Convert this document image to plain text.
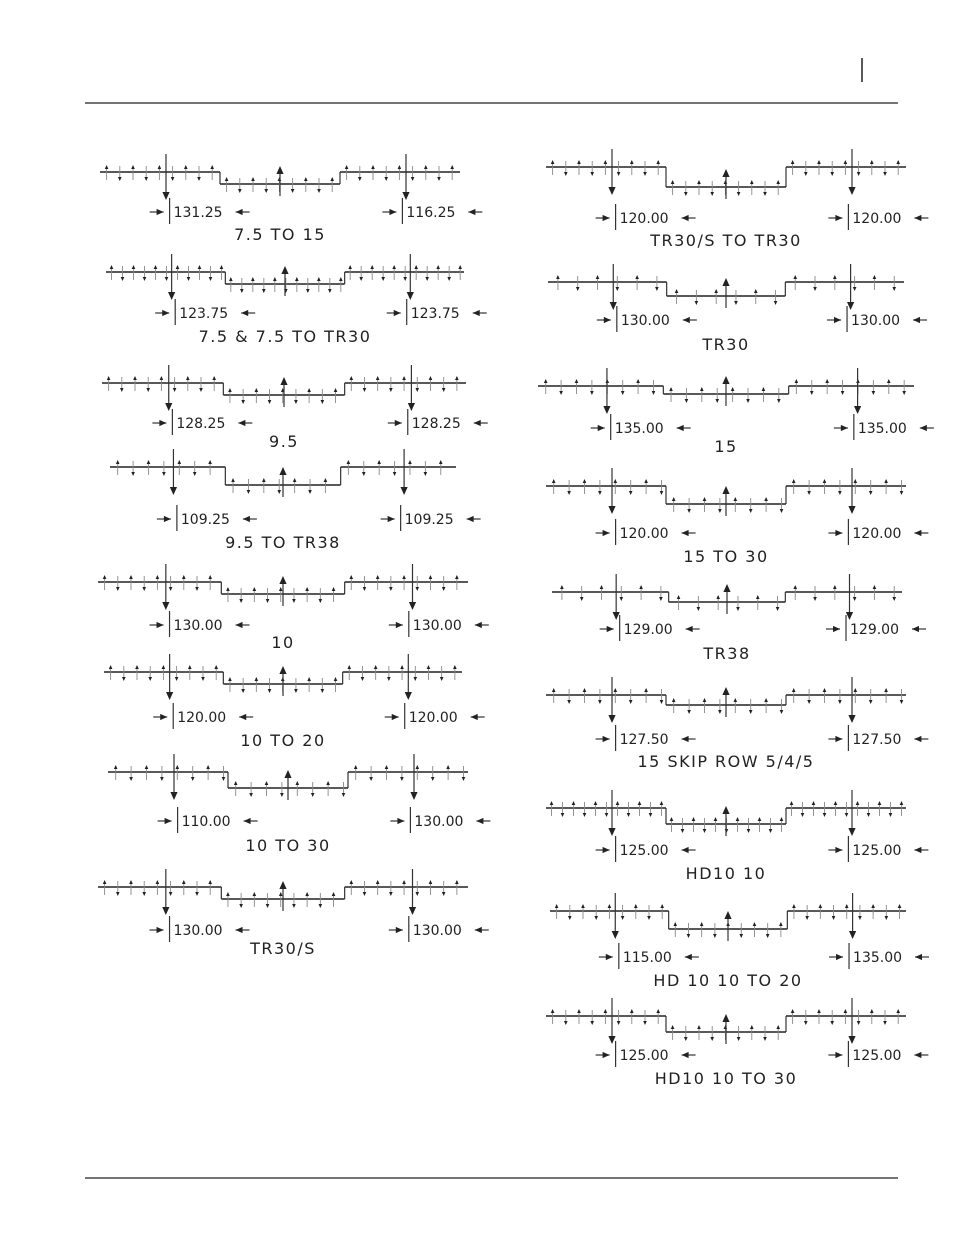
131.25	116.25
7.5 TO 15
123.75	123.75
7.5 & 7.5 TO TR30
128.25	128.25
9.5
109.25	109.25
9.5 TO TR38
130.00	130.00
10
120.00	120.00
10 TO 20
110.00	130.00
10 TO 30
130.00	130.00
TR30/S
120.00	120.00
TR30/S TO TR30
130.00	130.00
TR30
135.00	135.00
15
120.00	120.00
15 TO 30
129.00	129.00
TR38
127.50	127.50
15 SKIP ROW 5/4/5
125.00	125.00
HD10 10
115.00	135.00
HD 10 10 TO 20
125.00	125.00
HD10 10 TO 30
